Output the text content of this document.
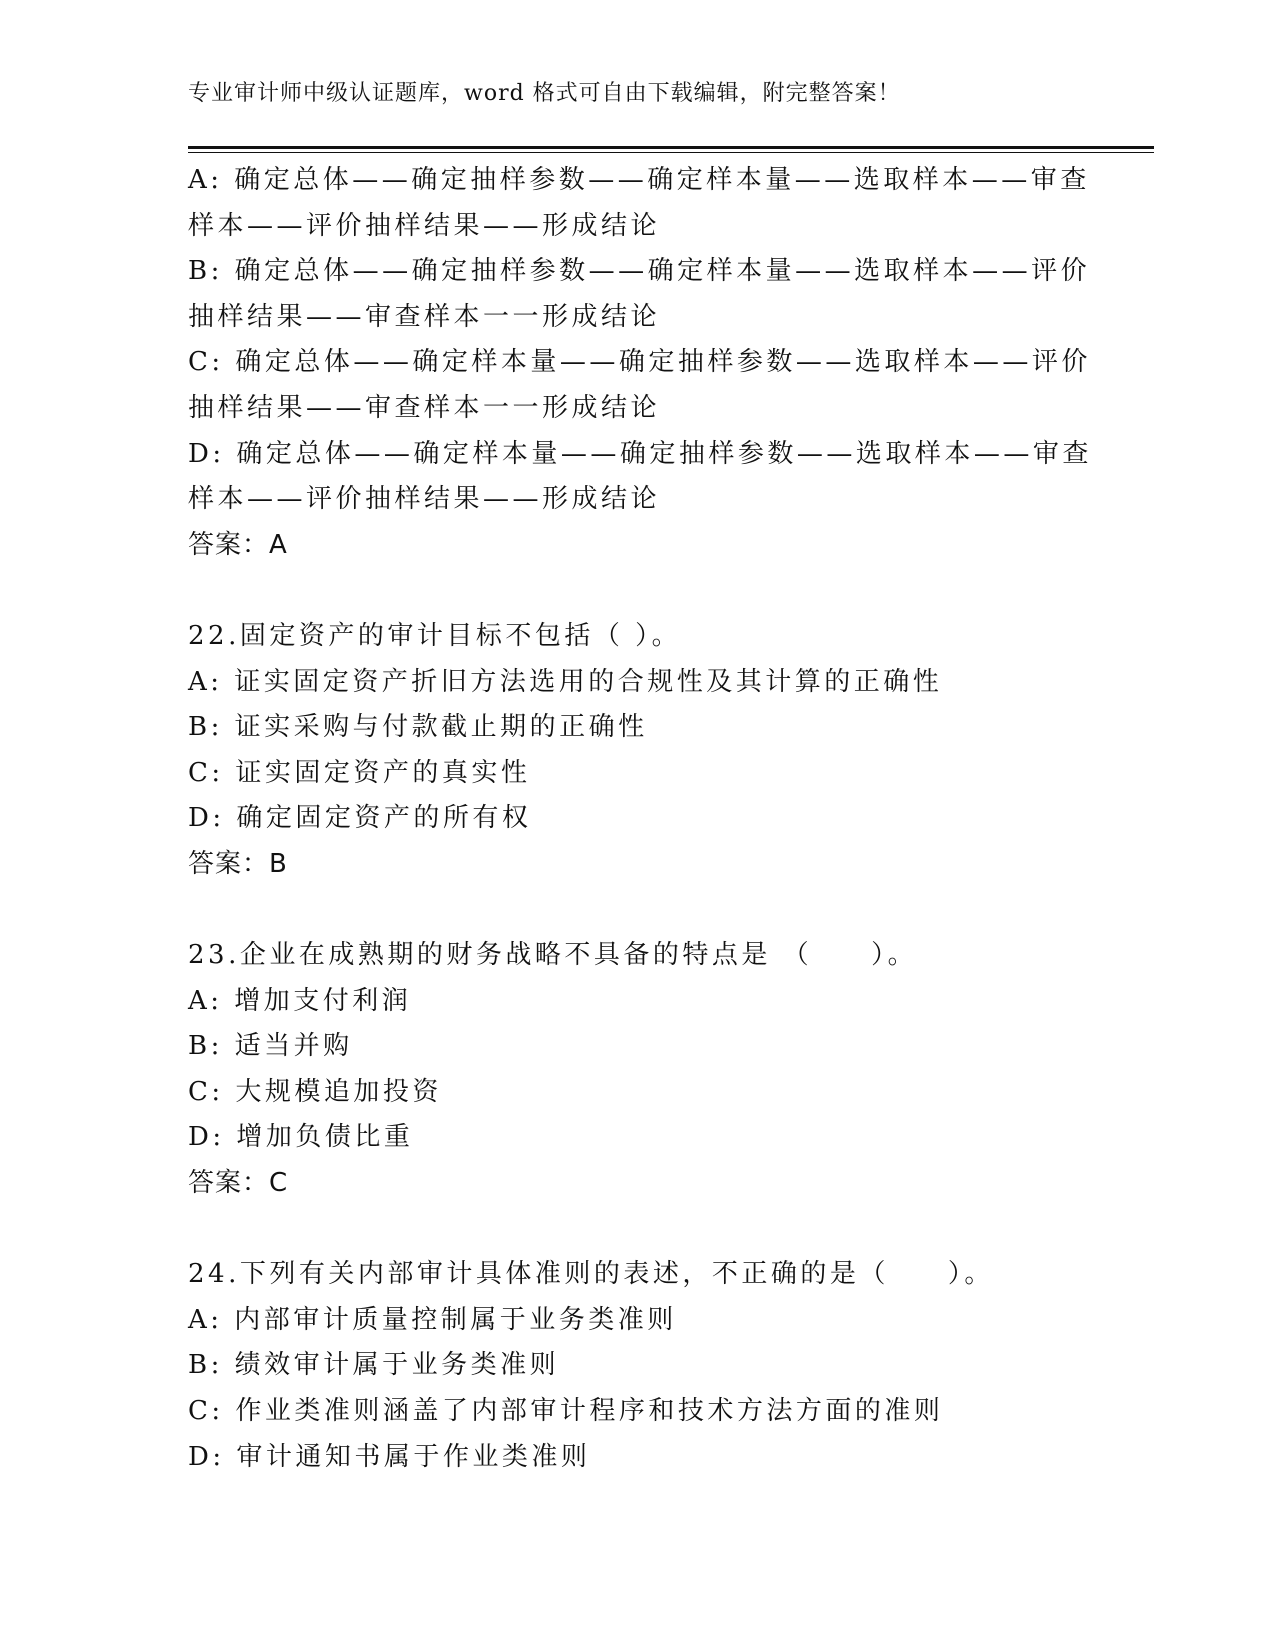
专业审计师中级认证题库，word 格式可自由下载编辑，附完整答案！
A: 确定总体——确定抽样参数——确定样本量——选取样本——审查
样本——评价抽样结果——形成结论
B: 确定总体——确定抽样参数——确定样本量——选取样本——评价
抽样结果——审查样本一一形成结论
C: 确定总体——确定样本量——确定抽样参数——选取样本——评价
抽样结果——审查样本一一形成结论
D: 确定总体——确定样本量——确定抽样参数——选取样本——审查
样本——评价抽样结果——形成结论
答案：A
22.固定资产的审计目标不包括（ ）。
A: 证实固定资产折旧方法选用的合规性及其计算的正确性
B: 证实采购与付款截止期的正确性
C: 证实固定资产的真实性
D: 确定固定资产的所有权
答案：B
23.企业在成熟期的财务战略不具备的特点是 （　　）。
A: 增加支付利润
B: 适当并购
C: 大规模追加投资
D: 增加负债比重
答案：C
24.下列有关内部审计具体准则的表述，不正确的是（　　）。
A: 内部审计质量控制属于业务类准则
B: 绩效审计属于业务类准则
C: 作业类准则涵盖了内部审计程序和技术方法方面的准则
D: 审计通知书属于作业类准则
